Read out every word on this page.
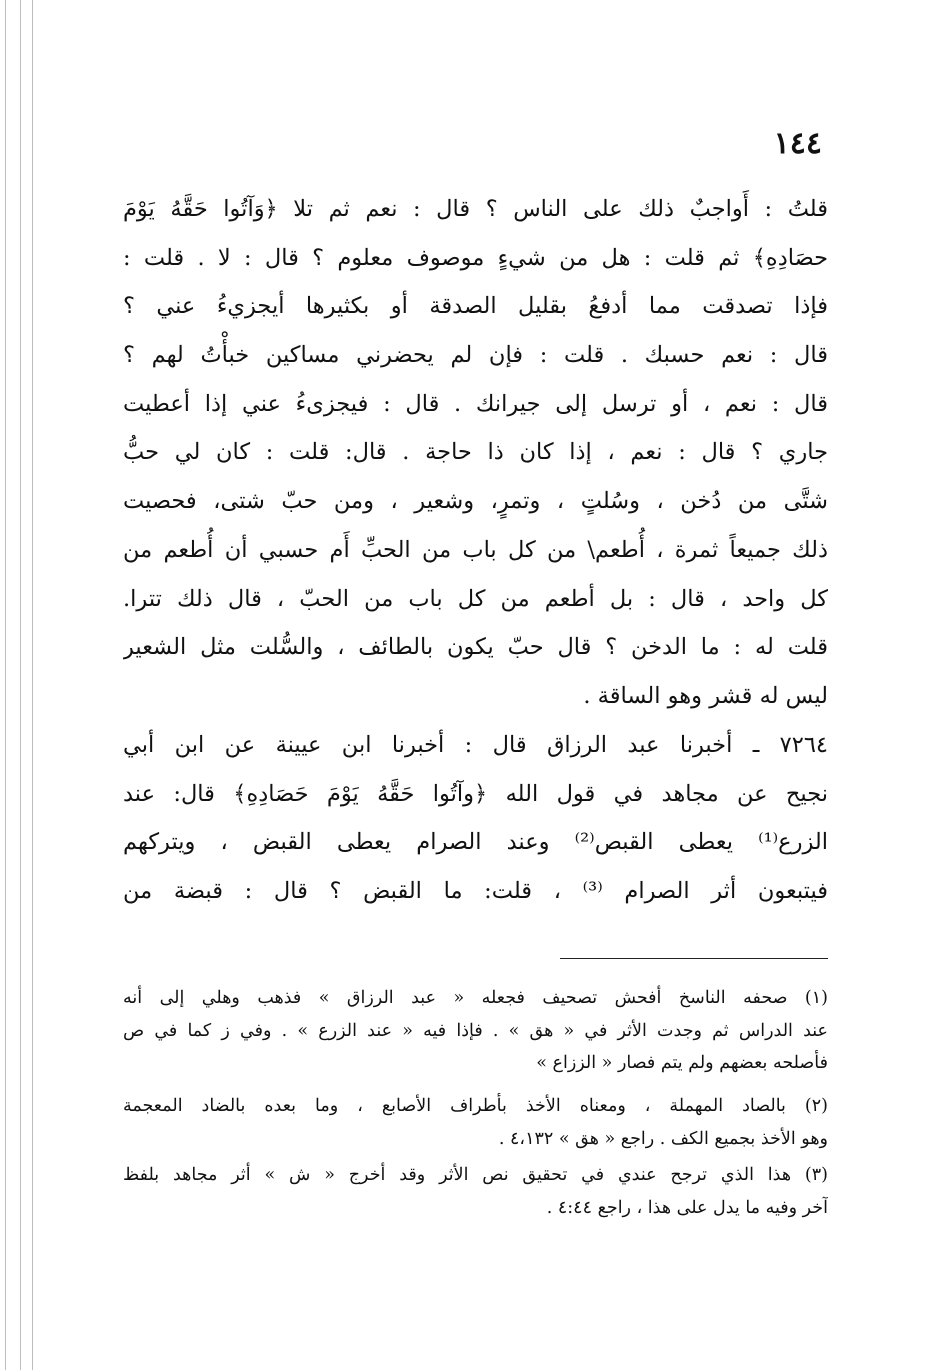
١٤٤
قلتُ : أَواجبٌ ذلك على الناس ؟ قال : نعم ثم تلا ﴿وَآتُوا حَقَّهُ يَوْمَ
حصَادِهِ﴾ ثم قلت : هل من شيءٍ موصوف معلوم ؟ قال : لا . قلت :
فإذا تصدقت مما أدفعُ بقليل الصدقة أو بكثيرها أيجزيءُ عني ؟
قال : نعم حسبك . قلت : فإن لم يحضرني مساكين خبأْتُ لهم ؟
قال : نعم ، أو ترسل إلى جيرانك . قال : فيجزىءُ عني إذا أعطيت
جاري ؟ قال : نعم ، إذا كان ذا حاجة . قال: قلت : كان لي حبُّ
شتَّى من دُخن ، وسُلتٍ ، وتمرٍ، وشعير ، ومن حبّ شتى، فحصيت
ذلك جميعاً ثمرة ، أُطعم\ من كل باب من الحبِّ أَم حسبي أن أُطعم من
كل واحد ، قال : بل أطعم من كل باب من الحبّ ، قال ذلك تترا.
قلت له : ما الدخن ؟ قال حبّ يكون بالطائف ، والسُّلت مثل الشعير
ليس له قشر وهو الساقة .
٧٢٦٤ ـ أخبرنا عبد الرزاق قال : أخبرنا ابن عيينة عن ابن أبي
نجيح عن مجاهد في قول الله ﴿وآتُوا حَقَّهُ يَوْمَ حَصَادِهِ﴾ قال: عند
الزرع⁽¹⁾ يعطى القبص⁽²⁾ وعند الصرام يعطى القبض ، ويتركهم
فيتبعون أثر الصرام ⁽³⁾ ، قلت: ما القبض ؟ قال : قبضة من
(١) صحفه الناسخ أفحش تصحيف فجعله « عبد الرزاق » فذهب وهلي إلى أنه
عند الدراس ثم وجدت الأثر في « هق » . فإذا فيه « عند الزرع » . وفي ز كما في ص
فأصلحه بعضهم ولم يتم فصار « الززاع »
(٢) بالصاد المهملة ، ومعناه الأخذ بأطراف الأصابع ، وما بعده بالضاد المعجمة
وهو الأخذ بجميع الكف . راجع « هق » ٤،١٣٢ .
(٣) هذا الذي ترجح عندي في تحقيق نص الأثر وقد أخرج « ش » أثر مجاهد بلفظ
آخر وفيه ما يدل على هذا ، راجع ٤:٤٤ .
